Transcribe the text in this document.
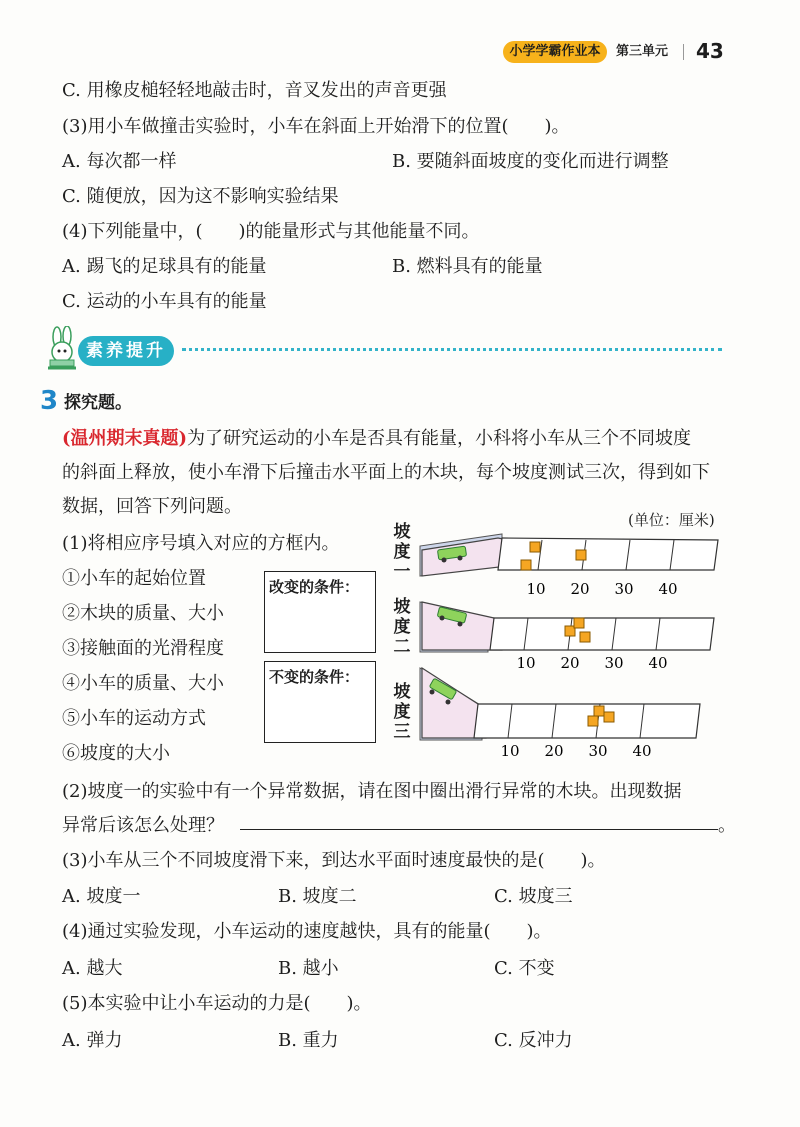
小学学霸作业本	第三单元 43
C. 用橡皮槌轻轻地敲击时，音叉发出的声音更强
(3)用小车做撞击实验时，小车在斜面上开始滑下的位置(　　)。
A. 每次都一样	B. 要随斜面坡度的变化而进行调整
C. 随便放，因为这不影响实验结果
(4)下列能量中，(　　)的能量形式与其他能量不同。
A. 踢飞的足球具有的能量	B. 燃料具有的能量
C. 运动的小车具有的能量
素养提升
3 探究题。
(温州期末真题)为了研究运动的小车是否具有能量，小科将小车从三个不同坡度
的斜面上释放，使小车滑下后撞击水平面上的木块，每个坡度测试三次，得到如下
数据，回答下列问题。
(1)将相应序号填入对应的方框内。
①小车的起始位置
②木块的质量、大小
③接触面的光滑程度
④小车的质量、大小
⑤小车的运动方式
⑥坡度的大小
改变的条件：
不变的条件：
(单位：厘米)
坡度一
坡度二
坡度三
10 20 30 40
10 20 30 40
10 20 30 40
(2)坡度一的实验中有一个异常数据，请在图中圈出滑行异常的木块。出现数据
异常后该怎么处理？	。
(3)小车从三个不同坡度滑下来，到达水平面时速度最快的是(　　)。
A. 坡度一	B. 坡度二	C. 坡度三
(4)通过实验发现，小车运动的速度越快，具有的能量(　　)。
A. 越大	B. 越小	C. 不变
(5)本实验中让小车运动的力是(　　)。
A. 弹力	B. 重力	C. 反冲力
